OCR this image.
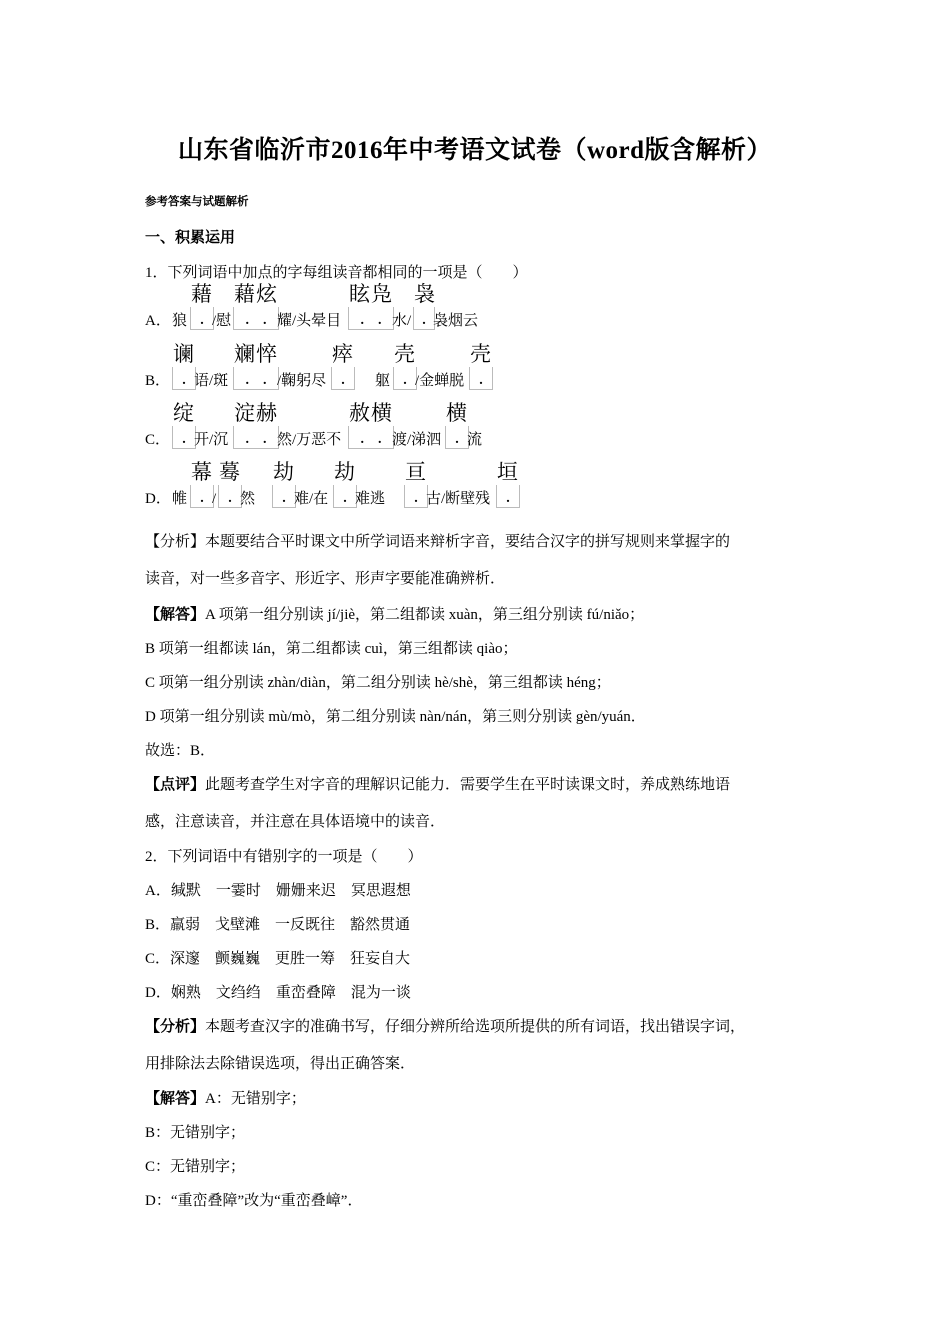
山东省临沂市2016年中考语文试卷（word版含解析）
参考答案与试题解析
一、积累运用
1．下列词语中加点的字每组读音都相同的一项是（　　）
A． 狼
藉
. /慰
藉炫
.    . 耀/头晕目
眩凫
.    . 水/
袅
. 袅烟云
B．
谰
. 语/斑
斓悴
.    . /鞠躬尽
瘁
.	躯
壳
. /金蝉脱
壳
.
C．
绽
. 开/沉
淀赫
.    . 然/万恶不
赦横
.    . 渡/涕泗
横
. 流
D． 帷
幕
. /
蓦
. 然
劫
. 难/在
劫
. 难逃
亘
. 古/断壁残
垣
.
【分析】本题要结合平时课文中所学词语来辩析字音，要结合汉字的拼写规则来掌握字的
读音，对一些多音字、形近字、形声字要能准确辨析．
【解答】A 项第一组分别读 jí/jiè，第二组都读 xuàn，第三组分别读 fú/niǎo；
B 项第一组都读 lán，第二组都读 cuì，第三组都读 qiào；
C 项第一组分别读 zhàn/diàn，第二组分别读 hè/shè，第三组都读 héng；
D 项第一组分别读 mù/mò，第二组分别读 nàn/nán，第三则分别读 gèn/yuán．
故选：B．
【点评】此题考查学生对字音的理解识记能力．需要学生在平时读课文时，养成熟练地语
感，注意读音，并注意在具体语境中的读音．
2．下列词语中有错别字的一项是（　　）
A．缄默　一霎时　姗姗来迟　冥思遐想
B．羸弱　戈壁滩　一反既往　豁然贯通
C．深邃　颤巍巍　更胜一筹　狂妄自大
D．娴熟　文绉绉　重峦叠障　混为一谈
【分析】本题考查汉字的准确书写，仔细分辨所给选项所提供的所有词语，找出错误字词，
用排除法去除错误选项，得出正确答案．
【解答】A：无错别字；
B：无错别字；
C：无错别字；
D：“重峦叠障”改为“重峦叠嶂”．
